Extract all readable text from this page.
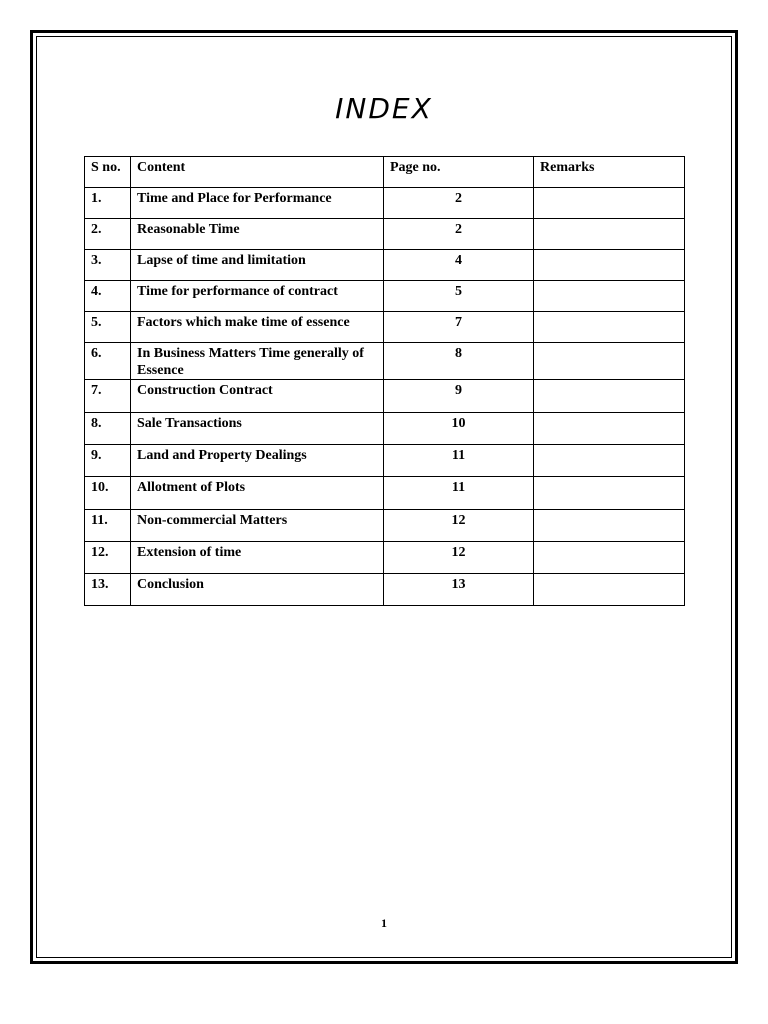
INDEX
S no.	Content	Page no.	Remarks
1.	Time and Place for Performance	2	
2.	Reasonable Time	2	
3.	Lapse of time and limitation	4	
4.	Time for performance of contract	5	
5.	Factors which make time of essence	7	
6.	In Business Matters Time generally of Essence	8	
7.	Construction Contract	9	
8.	Sale Transactions	10	
9.	Land and Property Dealings	11	
10.	Allotment of Plots	11	
11.	Non-commercial Matters	12	
12.	Extension of time	12	
13.	Conclusion	13	
1
